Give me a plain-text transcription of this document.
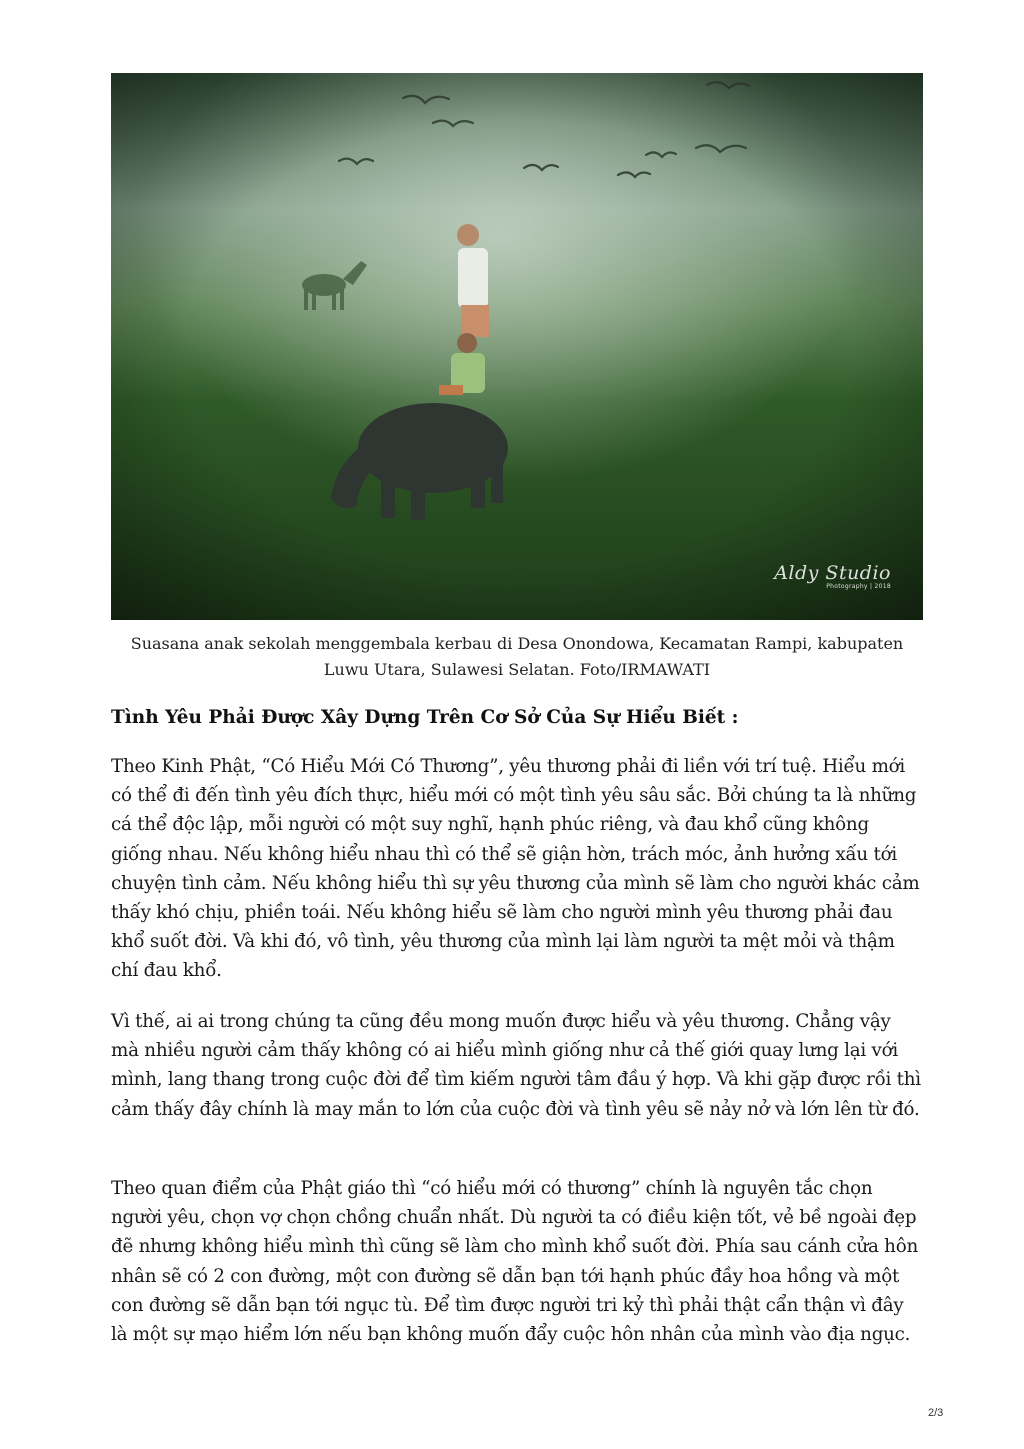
Aldy Studio
Photography | 2018
Suasana anak sekolah menggembala kerbau di Desa Onondowa, Kecamatan Rampi, kabupaten Luwu Utara, Sulawesi Selatan. Foto/IRMAWATI
Tình Yêu Phải Được Xây Dựng Trên Cơ Sở Của Sự Hiểu Biết :

Theo Kinh Phật, “Có Hiểu Mới Có Thương”, yêu thương phải đi liền với trí tuệ. Hiểu mới có thể đi đến tình yêu đích thực, hiểu mới có một tình yêu sâu sắc. Bởi chúng ta là những cá thể độc lập, mỗi người có một suy nghĩ, hạnh phúc riêng, và đau khổ cũng không giống nhau. Nếu không hiểu nhau thì có thể sẽ giận hờn, trách móc, ảnh hưởng xấu tới chuyện tình cảm. Nếu không hiểu thì sự yêu thương của mình sẽ làm cho người khác cảm thấy khó chịu, phiền toái. Nếu không hiểu sẽ làm cho người mình yêu thương phải đau khổ suốt đời. Và khi đó, vô tình, yêu thương của mình lại làm người ta mệt mỏi và thậm chí đau khổ.

Vì thế, ai ai trong chúng ta cũng đều mong muốn được hiểu và yêu thương. Chẳng vậy mà nhiều người cảm thấy không có ai hiểu mình giống như cả thế giới quay lưng lại với mình, lang thang trong cuộc đời để tìm kiếm người tâm đầu ý hợp. Và khi gặp được rồi thì cảm thấy đây chính là may mắn to lớn của cuộc đời và tình yêu sẽ nảy nở và lớn lên từ đó.

Theo quan điểm của Phật giáo thì “có hiểu mới có thương” chính là nguyên tắc chọn người yêu, chọn vợ chọn chồng chuẩn nhất. Dù người ta có điều kiện tốt, vẻ bề ngoài đẹp đẽ nhưng không hiểu mình thì cũng sẽ làm cho mình khổ suốt đời. Phía sau cánh cửa hôn nhân sẽ có 2 con đường, một con đường sẽ dẫn bạn tới hạnh phúc đầy hoa hồng và một con đường sẽ dẫn bạn tới ngục tù. Để tìm được người tri kỷ thì phải thật cẩn thận vì đây là một sự mạo hiểm lớn nếu bạn không muốn đẩy cuộc hôn nhân của mình vào địa ngục.

2/3
